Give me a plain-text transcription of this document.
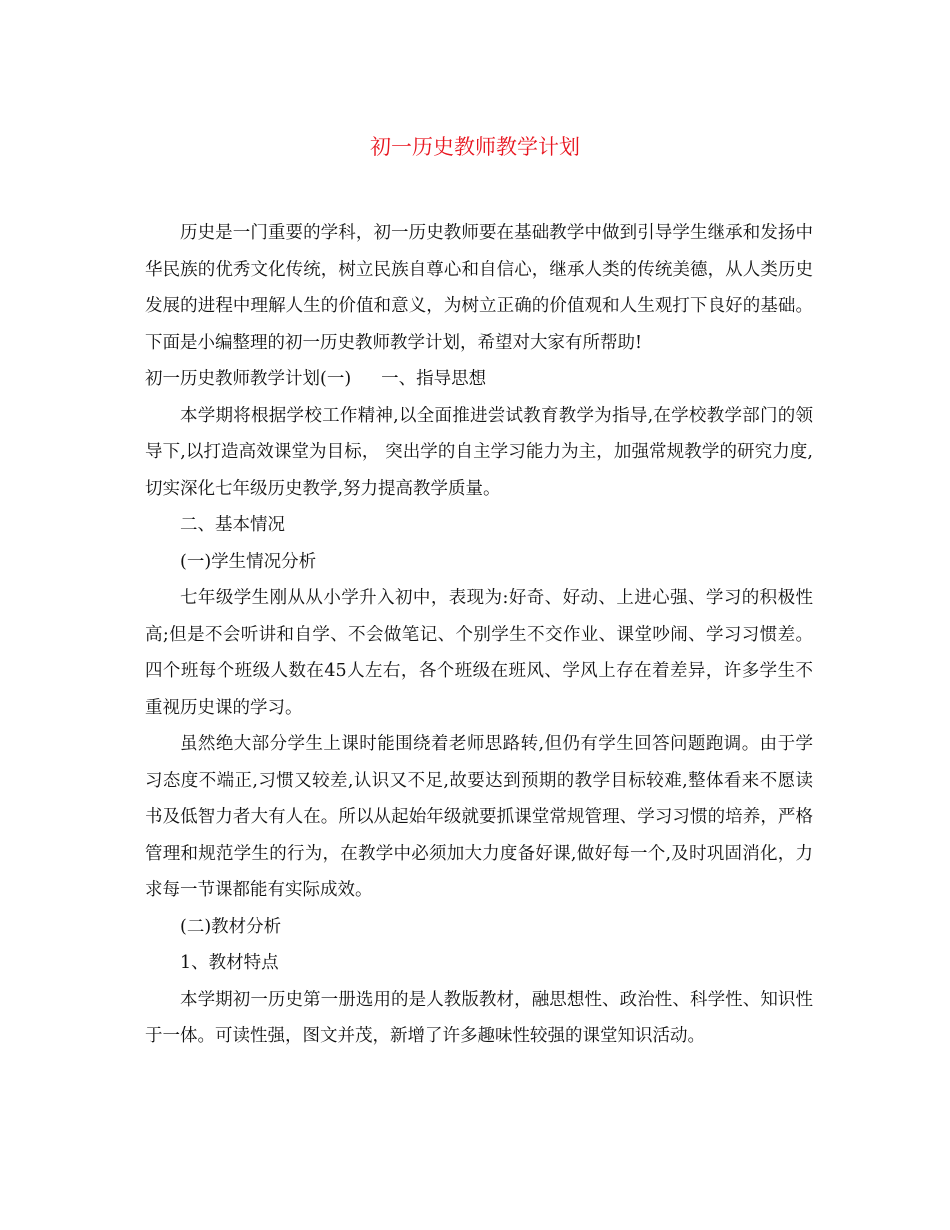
初一历史教师教学计划

历史是一门重要的学科，初一历史教师要在基础教学中做到引导学生继承和发扬中华民族的优秀文化传统，树立民族自尊心和自信心，继承人类的传统美德，从人类历史发展的进程中理解人生的价值和意义，为树立正确的价值观和人生观打下良好的基础。下面是小编整理的初一历史教师教学计划，希望对大家有所帮助!

初一历史教师教学计划(一) 一、指导思想

本学期将根据学校工作精神,以全面推进尝试教育教学为指导,在学校教学部门的领导下,以打造高效课堂为目标， 突出学的自主学习能力为主，加强常规教学的研究力度,切实深化七年级历史教学,努力提高教学质量。

二、基本情况

(一)学生情况分析

七年级学生刚从从小学升入初中，表现为:好奇、好动、上进心强、学习的积极性高;但是不会听讲和自学、不会做笔记、个别学生不交作业、课堂吵闹、学习习惯差。四个班每个班级人数在45人左右，各个班级在班风、学风上存在着差异，许多学生不重视历史课的学习。

虽然绝大部分学生上课时能围绕着老师思路转,但仍有学生回答问题跑调。由于学习态度不端正,习惯又较差,认识又不足,故要达到预期的教学目标较难,整体看来不愿读书及低智力者大有人在。所以从起始年级就要抓课堂常规管理、学习习惯的培养，严格管理和规范学生的行为，在教学中必须加大力度备好课,做好每一个,及时巩固消化，力求每一节课都能有实际成效。

(二)教材分析

1、教材特点

本学期初一历史第一册选用的是人教版教材，融思想性、政治性、科学性、知识性于一体。可读性强，图文并茂，新增了许多趣味性较强的课堂知识活动。
